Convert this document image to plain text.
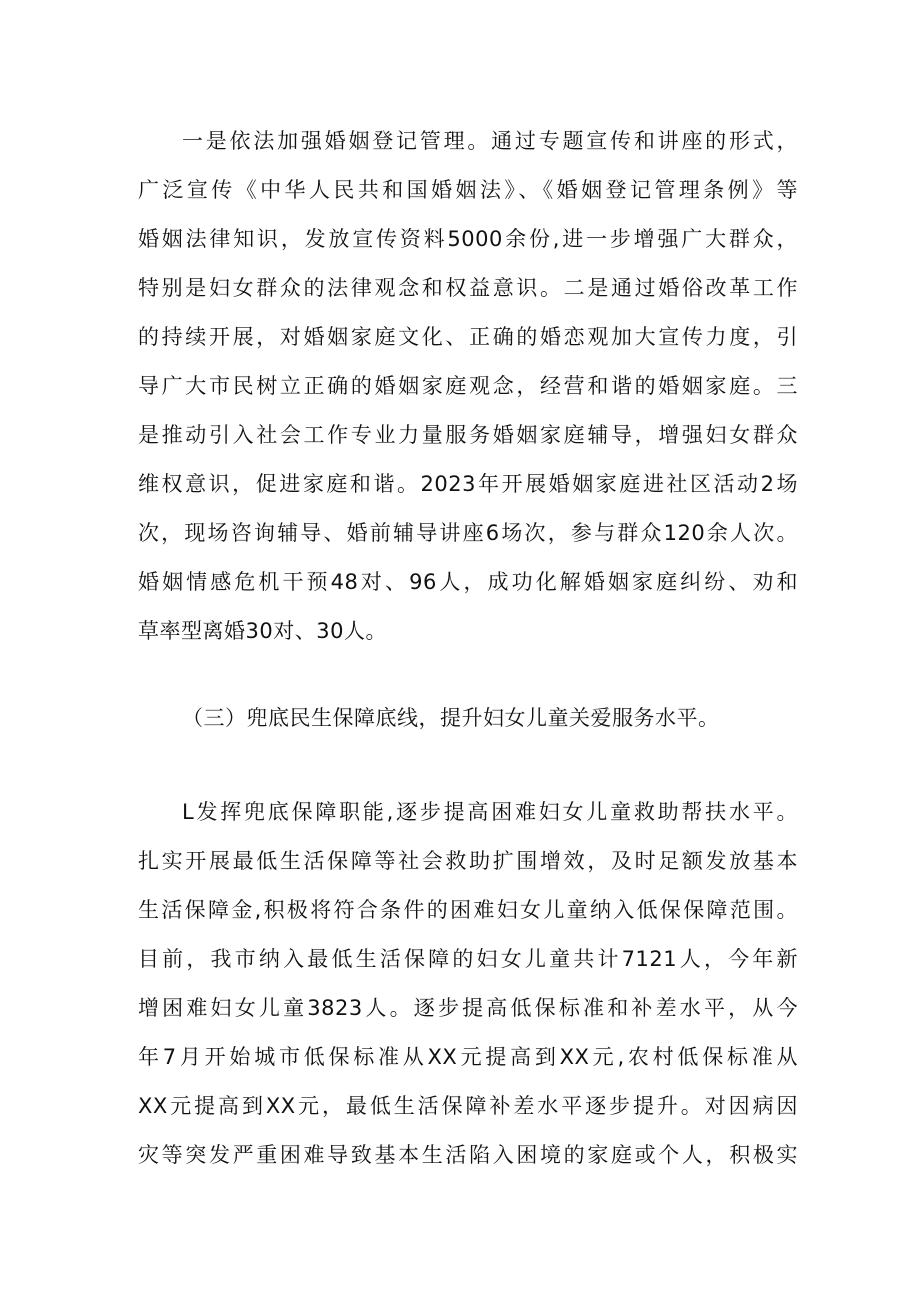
一是依法加强婚姻登记管理。通过专题宣传和讲座的形式，
广泛宣传《中华人民共和国婚姻法》、《婚姻登记管理条例》等
婚姻法律知识，发放宣传资料5000余份,进一步增强广大群众，
特别是妇女群众的法律观念和权益意识。二是通过婚俗改革工作
的持续开展，对婚姻家庭文化、正确的婚恋观加大宣传力度，引
导广大市民树立正确的婚姻家庭观念，经营和谐的婚姻家庭。三
是推动引入社会工作专业力量服务婚姻家庭辅导，增强妇女群众
维权意识，促进家庭和谐。2023年开展婚姻家庭进社区活动2场
次，现场咨询辅导、婚前辅导讲座6场次，参与群众120余人次。
婚姻情感危机干预48对、96人，成功化解婚姻家庭纠纷、劝和
草率型离婚30对、30人。
（三）兜底民生保障底线，提升妇女儿童关爱服务水平。
L发挥兜底保障职能,逐步提高困难妇女儿童救助帮扶水平。
扎实开展最低生活保障等社会救助扩围增效，及时足额发放基本
生活保障金,积极将符合条件的困难妇女儿童纳入低保保障范围。
目前，我市纳入最低生活保障的妇女儿童共计7121人，今年新
增困难妇女儿童3823人。逐步提高低保标准和补差水平，从今
年7月开始城市低保标准从XX元提高到XX元,农村低保标准从
XX元提高到XX元，最低生活保障补差水平逐步提升。对因病因
灾等突发严重困难导致基本生活陷入困境的家庭或个人，积极实
